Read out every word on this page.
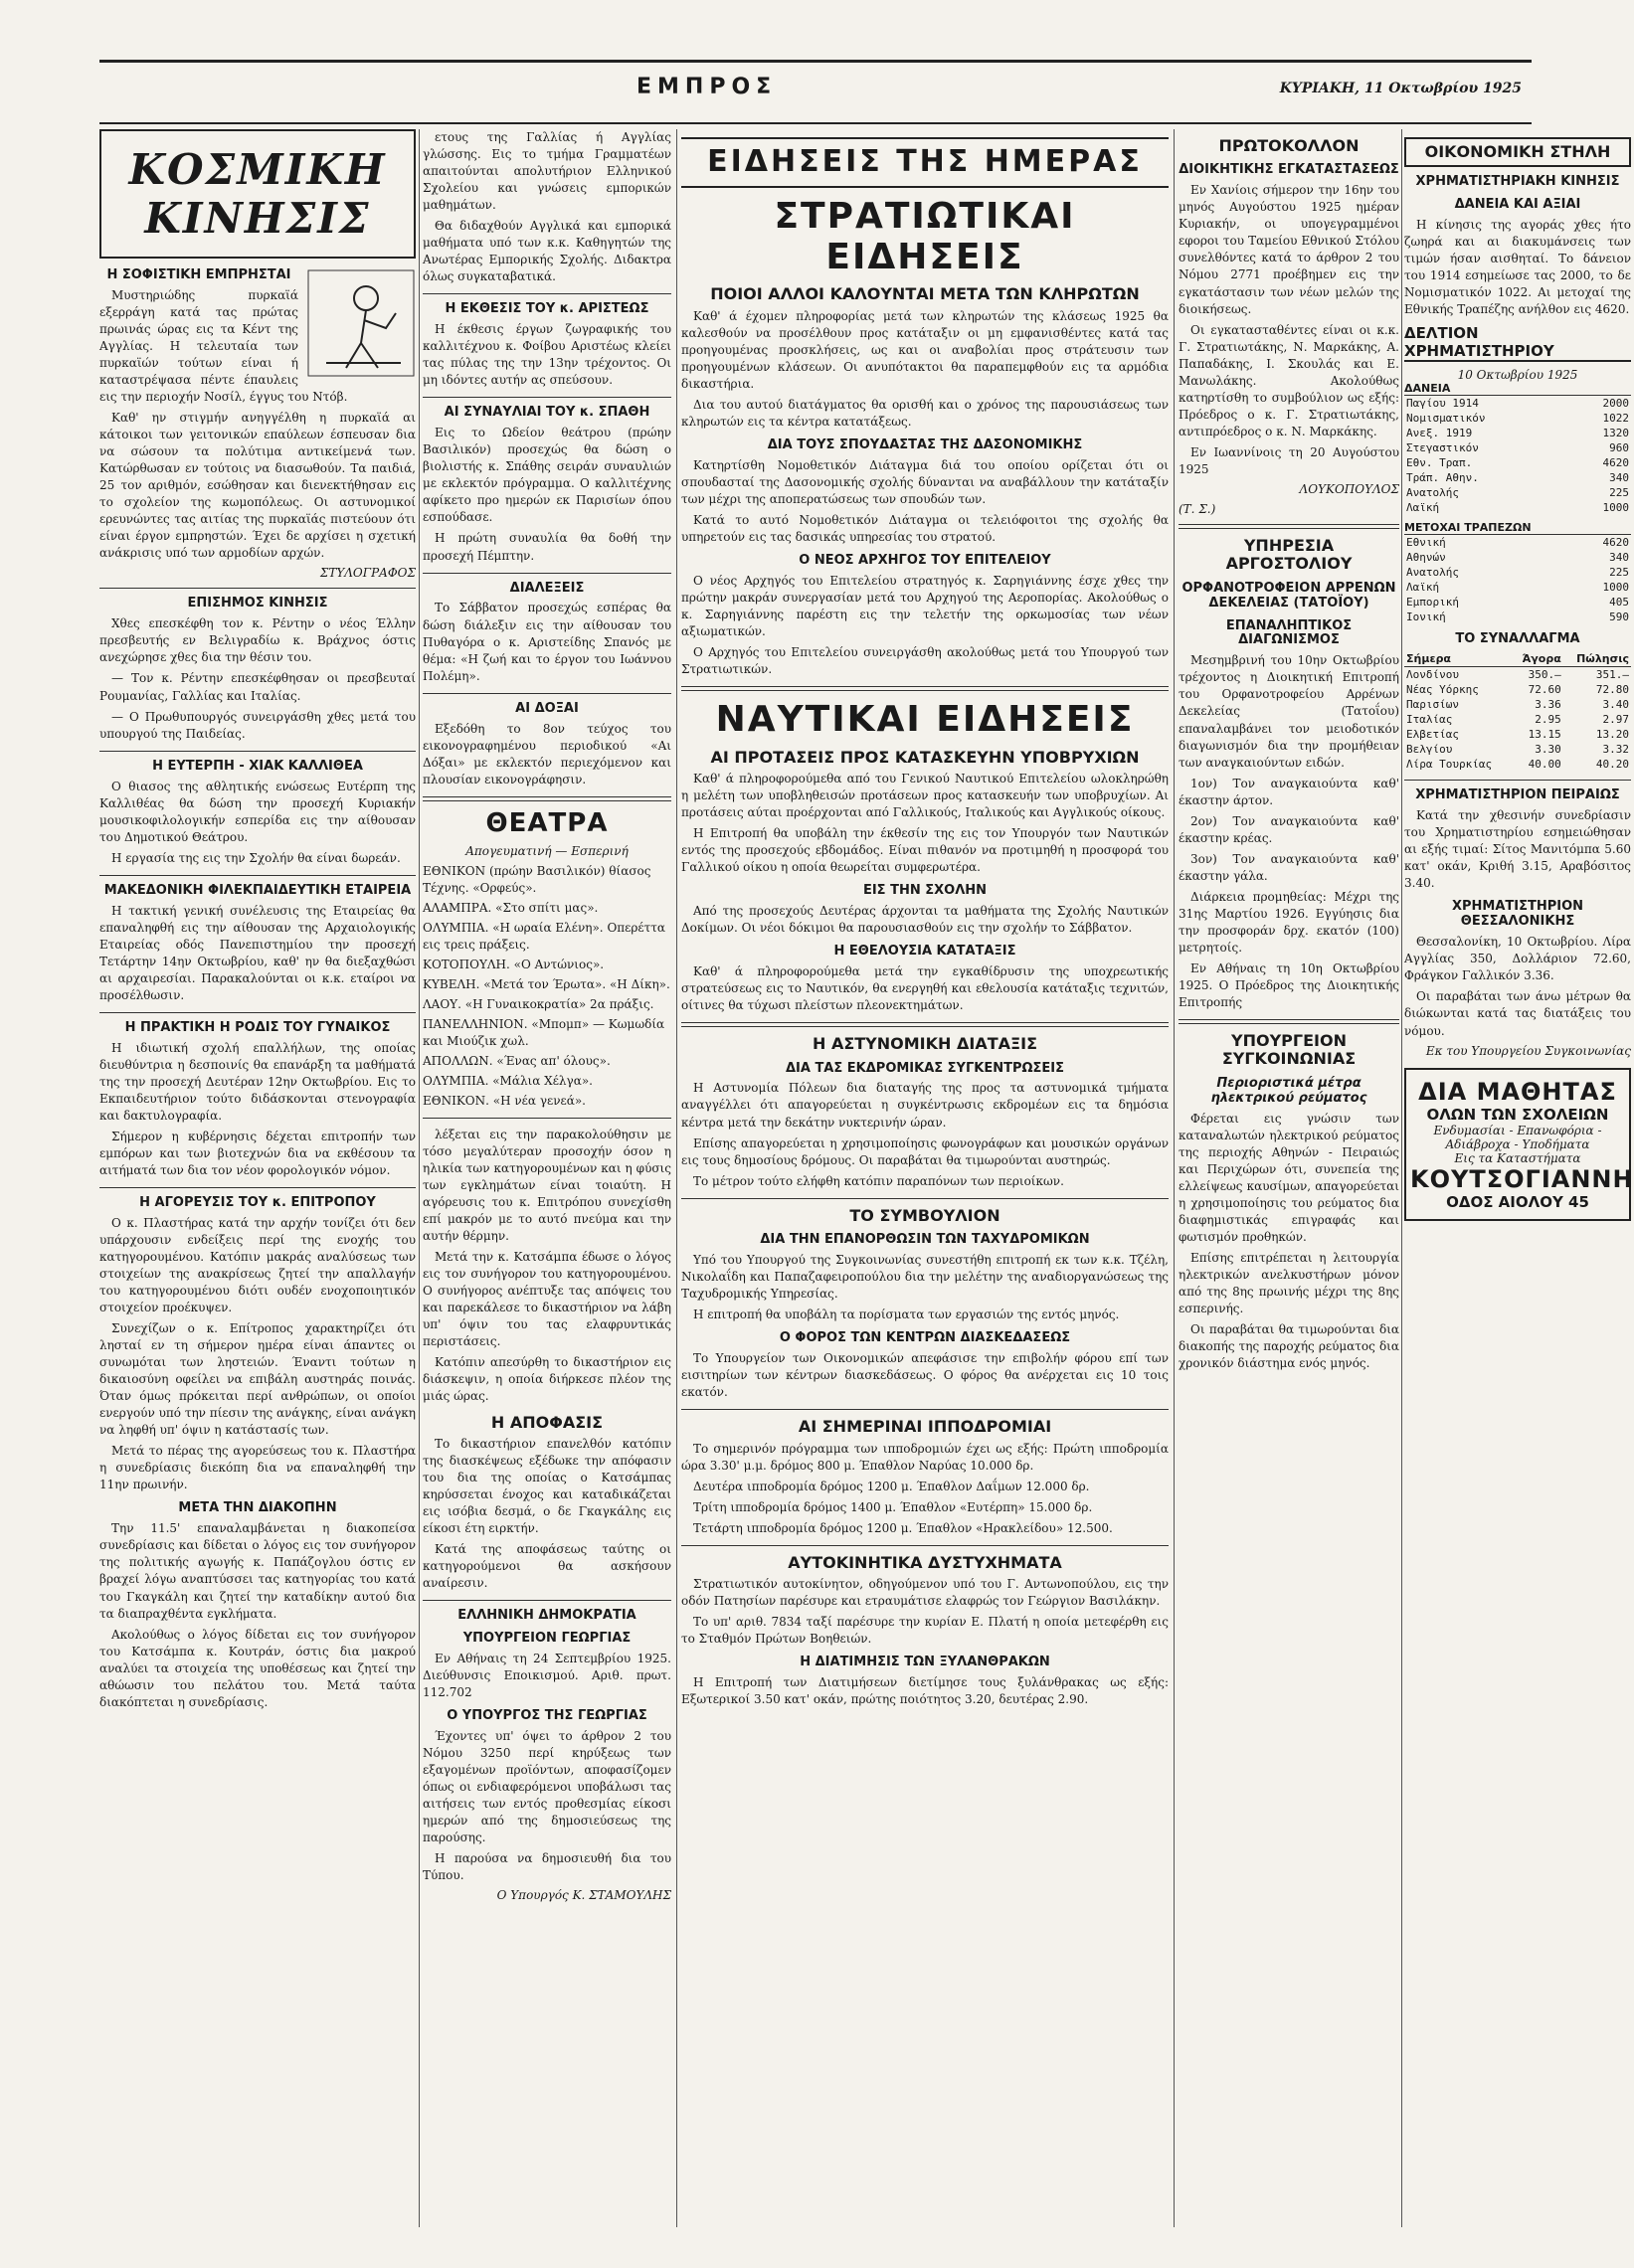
ΕΜΠΡΟΣ	ΚΥΡΙΑΚΗ, 11 Οκτωβρίου 1925
ΚΟΣΜΙΚΗ ΚΙΝΗΣΙΣ
Η ΣΟΦΙΣΤΙΚΗ ΕΜΠΡΗΣΤΑΙ

Μυστηριώδης πυρκαϊά εξερράγη κατά τας πρώτας πρωινάς ώρας εις τα Κέντ της Αγγλίας. Η τελευταία των πυρκαϊών τούτων είναι ή καταστρέψασα πέντε έπαυλεις εις την περιοχήν Νοσίλ, έγγυς του Ντόβ.

Καθ' ην στιγμήν ανηγγέλθη η πυρκαϊά αι κάτοικοι των γειτονικών επαύλεων έσπευσαν δια να σώσουν τα πολύτιμα αντικείμενά των. Κατώρθωσαν εν τούτοις να διασωθούν. Τα παιδιά, 25 τον αριθμόν, εσώθησαν και διενεκτήθησαν εις το σχολείον της κωμοπόλεως. Οι αστυνομικοί ερευνώντες τας αιτίας της πυρκαϊάς πιστεύουν ότι είναι έργον εμπρηστών. Έχει δε αρχίσει η σχετική ανάκρισις υπό των αρμοδίων αρχών.

ΣΤΥΛΟΓΡΑΦΟΣ
ΕΠΙΣΗΜΟΣ ΚΙΝΗΣΙΣ

Χθες επεσκέφθη τον κ. Ρέντην ο νέος Έλλην πρεσβευτής εν Βελιγραδίω κ. Βράχνος όστις ανεχώρησε χθες δια την θέσιν του.

— Τον κ. Ρέντην επεσκέφθησαν οι πρεσβευταί Ρουμανίας, Γαλλίας και Ιταλίας.

— Ο Πρωθυπουργός συνειργάσθη χθες μετά του υπουργού της Παιδείας.

Η ΕΥΤΕΡΠΗ - ΧΙΑΚ ΚΑΛΛΙΘΕΑ

Ο θιασος της αθλητικής ενώσεως Ευτέρπη της Καλλιθέας θα δώση την προσεχή Κυριακήν μουσικοφιλολογικήν εσπερίδα εις την αίθουσαν του Δημοτικού Θεάτρου.

Η εργασία της εις την Σχολήν θα είναι δωρεάν.

ΜΑΚΕΔΟΝΙΚΗ ΦΙΛΕΚΠΑΙΔΕΥΤΙΚΗ ΕΤΑΙΡΕΙΑ

Η τακτική γενική συνέλευσις της Εταιρείας θα επαναληφθή εις την αίθουσαν της Αρχαιολογικής Εταιρείας οδός Πανεπιστημίου την προσεχή Τετάρτην 14ην Οκτωβρίου, καθ' ην θα διεξαχθώσι αι αρχαιρεσίαι. Παρακαλούνται οι κ.κ. εταίροι να προσέλθωσιν.

Η ΠΡΑΚΤΙΚΗ Η ΡΟΔΙΣ ΤΟΥ ΓΥΝΑΙΚΟΣ

Η ιδιωτική σχολή επαλλήλων, της οποίας διευθύντρια η δεσποινίς θα επανάρξη τα μαθήματά της την προσεχή Δευτέραν 12ην Οκτωβρίου. Εις το Εκπαιδευτήριον τούτο διδάσκονται στενογραφία και δακτυλογραφία.

Σήμερον η κυβέρνησις δέχεται επιτροπήν των εμπόρων και των βιοτεχνών δια να εκθέσουν τα αιτήματά των δια τον νέον φορολογικόν νόμον.

Η ΑΓΟΡΕΥΣΙΣ ΤΟΥ κ. ΕΠΙΤΡΟΠΟΥ

Ο κ. Πλαστήρας κατά την αρχήν τονίζει ότι δεν υπάρχουσιν ενδείξεις περί της ενοχής του κατηγορουμένου. Κατόπιν μακράς αναλύσεως των στοιχείων της ανακρίσεως ζητεί την απαλλαγήν του κατηγορουμένου διότι ουδέν ενοχοποιητικόν στοιχείον προέκυψεν.

Συνεχίζων ο κ. Επίτροπος χαρακτηρίζει ότι λησταί εν τη σήμερον ημέρα είναι άπαντες οι συνωμόται των ληστειών. Έναντι τούτων η δικαιοσύνη οφείλει να επιβάλη αυστηράς ποινάς. Όταν όμως πρόκειται περί ανθρώπων, οι οποίοι ενεργούν υπό την πίεσιν της ανάγκης, είναι ανάγκη να ληφθή υπ' όψιν η κατάστασίς των.

Μετά το πέρας της αγορεύσεως του κ. Πλαστήρα η συνεδρίασις διεκόπη δια να επαναληφθή την 11ην πρωινήν.

ΜΕΤΑ ΤΗΝ ΔΙΑΚΟΠΗΝ

Την 11.5' επαναλαμβάνεται η διακοπείσα συνεδρίασις και δίδεται ο λόγος εις τον συνήγορον της πολιτικής αγωγής κ. Παπάζογλου όστις εν βραχεί λόγω αναπτύσσει τας κατηγορίας του κατά του Γκαγκάλη και ζητεί την καταδίκην αυτού δια τα διαπραχθέντα εγκλήματα.

Ακολούθως ο λόγος δίδεται εις τον συνήγορον του Κατσάμπα κ. Κουτράν, όστις δια μακρού αναλύει τα στοιχεία της υποθέσεως και ζητεί την αθώωσιν του πελάτου του. Μετά ταύτα διακόπτεται η συνεδρίασις.

ετους της Γαλλίας ή Αγγλίας γλώσσης. Εις το τμήμα Γραμματέων απαιτούνται απολυτήριον Ελληνικού Σχολείου και γνώσεις εμπορικών μαθημάτων.

Θα διδαχθούν Αγγλικά και εμπορικά μαθήματα υπό των κ.κ. Καθηγητών της Ανωτέρας Εμπορικής Σχολής. Διδακτρα όλως συγκαταβατικά.

Η ΕΚΘΕΣΙΣ ΤΟΥ κ. ΑΡΙΣΤΕΩΣ

Η έκθεσις έργων ζωγραφικής του καλλιτέχνου κ. Φοίβου Αριστέως κλείει τας πύλας της την 13ην τρέχοντος. Οι μη ιδόντες αυτήν ας σπεύσουν.

ΑΙ ΣΥΝΑΥΛΙΑΙ ΤΟΥ κ. ΣΠΑΘΗ

Εις το Ωδείον θεάτρου (πρώην Βασιλικόν) προσεχώς θα δώση ο βιολιστής κ. Σπάθης σειράν συναυλιών με εκλεκτόν πρόγραμμα. Ο καλλιτέχνης αφίκετο προ ημερών εκ Παρισίων όπου εσπούδασε.

Η πρώτη συναυλία θα δοθή την προσεχή Πέμπτην.

ΔΙΑΛΕΞΕΙΣ

Το Σάββατον προσεχώς εσπέρας θα δώση διάλεξιν εις την αίθουσαν του Πυθαγόρα ο κ. Αριστείδης Σπανός με θέμα: «Η ζωή και το έργον του Ιωάννου Πολέμη».

ΑΙ ΔΟΞΑΙ

Εξεδόθη το 8ον τεύχος του εικονογραφημένου περιοδικού «Αι Δόξαι» με εκλεκτόν περιεχόμενον και πλουσίαν εικονογράφησιν.

ΘΕΑΤΡΑ
Απογευματινή — Εσπερινή
ΕΘΝΙΚΟΝ (πρώην Βασιλικόν) θίασος Τέχνης. «Ορφεύς».
ΑΛΑΜΠΡΑ. «Στο σπίτι μας».
ΟΛΥΜΠΙΑ. «Η ωραία Ελένη». Οπερέττα εις τρεις πράξεις.
ΚΟΤΟΠΟΥΛΗ. «Ο Αντώνιος».
ΚΥΒΕΛΗ. «Μετά τον Έρωτα». «Η Δίκη».
ΛΑΟΥ. «Η Γυναικοκρατία» 2α πράξις.
ΠΑΝΕΛΛΗΝΙΟΝ. «Μπομπ» — Κωμωδία και Μιούζικ χωλ.
ΑΠΟΛΛΩΝ. «Ένας απ' όλους».
ΟΛΥΜΠΙΑ. «Μάλια Χέλγα».
ΕΘΝΙΚΟΝ. «Η νέα γενεά».

λέξεται εις την παρακολούθησιν με τόσο μεγαλύτεραν προσοχήν όσον η ηλικία των κατηγορουμένων και η φύσις των εγκλημάτων είναι τοιαύτη. Η αγόρευσις του κ. Επιτρόπου συνεχίσθη επί μακρόν με το αυτό πνεύμα και την αυτήν θέρμην.

Μετά την κ. Κατσάμπα έδωσε ο λόγος εις τον συνήγορον του κατηγορουμένου. Ο συνήγορος ανέπτυξε τας απόψεις του και παρεκάλεσε το δικαστήριον να λάβη υπ' όψιν του τας ελαφρυντικάς περιστάσεις.

Κατόπιν απεσύρθη το δικαστήριον εις διάσκεψιν, η οποία διήρκεσε πλέον της μιάς ώρας.

Η ΑΠΟΦΑΣΙΣ

Το δικαστήριον επανελθόν κατόπιν της διασκέψεως εξέδωκε την απόφασιν του δια της οποίας ο Κατσάμπας κηρύσσεται ένοχος και καταδικάζεται εις ισόβια δεσμά, ο δε Γκαγκάλης εις είκοσι έτη ειρκτήν.

Κατά της αποφάσεως ταύτης οι κατηγορούμενοι θα ασκήσουν αναίρεσιν.

ΕΛΛΗΝΙΚΗ ΔΗΜΟΚΡΑΤΙΑ
ΥΠΟΥΡΓΕΙΟΝ ΓΕΩΡΓΙΑΣ

Εν Αθήναις τη 24 Σεπτεμβρίου 1925. Διεύθυνσις Εποικισμού. Αριθ. πρωτ. 112.702

Ο ΥΠΟΥΡΓΟΣ ΤΗΣ ΓΕΩΡΓΙΑΣ

Έχοντες υπ' όψει το άρθρον 2 του Νόμου 3250 περί κηρύξεως των εξαγομένων προϊόντων, αποφασίζομεν όπως οι ενδιαφερόμενοι υποβάλωσι τας αιτήσεις των εντός προθεσμίας είκοσι ημερών από της δημοσιεύσεως της παρούσης.

Η παρούσα να δημοσιευθή δια του Τύπου.

Ο Υπουργός Κ. ΣΤΑΜΟΥΛΗΣ
ΕΙΔΗΣΕΙΣ ΤΗΣ ΗΜΕΡΑΣ
ΣΤΡΑΤΙΩΤΙΚΑΙ ΕΙΔΗΣΕΙΣ
ΠΟΙΟΙ ΑΛΛΟΙ ΚΑΛΟΥΝΤΑΙ ΜΕΤΑ ΤΩΝ ΚΛΗΡΩΤΩΝ

Καθ' ά έχομεν πληροφορίας μετά των κληρωτών της κλάσεως 1925 θα καλεσθούν να προσέλθουν προς κατάταξιν οι μη εμφανισθέντες κατά τας προηγουμένας προσκλήσεις, ως και οι αναβολίαι προς στράτευσιν των προηγουμένων κλάσεων. Οι ανυπότακτοι θα παραπεμφθούν εις τα αρμόδια δικαστήρια.

Δια του αυτού διατάγματος θα ορισθή και ο χρόνος της παρουσιάσεως των κληρωτών εις τα κέντρα κατατάξεως.

ΔΙΑ ΤΟΥΣ ΣΠΟΥΔΑΣΤΑΣ ΤΗΣ ΔΑΣΟΝΟΜΙΚΗΣ

Κατηρτίσθη Νομοθετικόν Διάταγμα διά του οποίου ορίζεται ότι οι σπουδασταί της Δασονομικής σχολής δύνανται να αναβάλλουν την κατάταξίν των μέχρι της αποπερατώσεως των σπουδών των.

Κατά το αυτό Νομοθετικόν Διάταγμα οι τελειόφοιτοι της σχολής θα υπηρετούν εις τας δασικάς υπηρεσίας του στρατού.

Ο ΝΕΟΣ ΑΡΧΗΓΟΣ ΤΟΥ ΕΠΙΤΕΛΕΙΟΥ

Ο νέος Αρχηγός του Επιτελείου στρατηγός κ. Σαρηγιάννης έσχε χθες την πρώτην μακράν συνεργασίαν μετά του Αρχηγού της Αεροπορίας. Ακολούθως ο κ. Σαρηγιάννης παρέστη εις την τελετήν της ορκωμοσίας των νέων αξιωματικών.

Ο Αρχηγός του Επιτελείου συνειργάσθη ακολούθως μετά του Υπουργού των Στρατιωτικών.

ΝΑΥΤΙΚΑΙ ΕΙΔΗΣΕΙΣ
ΑΙ ΠΡΟΤΑΣΕΙΣ ΠΡΟΣ ΚΑΤΑΣΚΕΥΗΝ ΥΠΟΒΡΥΧΙΩΝ

Καθ' ά πληροφορούμεθα από του Γενικού Ναυτικού Επιτελείου ωλοκληρώθη η μελέτη των υποβληθεισών προτάσεων προς κατασκευήν των υποβρυχίων. Αι προτάσεις αύται προέρχονται από Γαλλικούς, Ιταλικούς και Αγγλικούς οίκους.

Η Επιτροπή θα υποβάλη την έκθεσίν της εις τον Υπουργόν των Ναυτικών εντός της προσεχούς εβδομάδος. Είναι πιθανόν να προτιμηθή η προσφορά του Γαλλικού οίκου η οποία θεωρείται συμφερωτέρα.

ΕΙΣ ΤΗΝ ΣΧΟΛΗΝ

Από της προσεχούς Δευτέρας άρχονται τα μαθήματα της Σχολής Ναυτικών Δοκίμων. Οι νέοι δόκιμοι θα παρουσιασθούν εις την σχολήν το Σάββατον.

Η ΕΘΕΛΟΥΣΙΑ ΚΑΤΑΤΑΞΙΣ

Καθ' ά πληροφορούμεθα μετά την εγκαθίδρυσιν της υποχρεωτικής στρατεύσεως εις το Ναυτικόν, θα ενεργηθή και εθελουσία κατάταξις τεχνιτών, οίτινες θα τύχωσι πλείστων πλεονεκτημάτων.

Η ΑΣΤΥΝΟΜΙΚΗ ΔΙΑΤΑΞΙΣ
ΔΙΑ ΤΑΣ ΕΚΔΡΟΜΙΚΑΣ ΣΥΓΚΕΝΤΡΩΣΕΙΣ

Η Αστυνομία Πόλεων δια διαταγής της προς τα αστυνομικά τμήματα αναγγέλλει ότι απαγορεύεται η συγκέντρωσις εκδρομέων εις τα δημόσια κέντρα μετά την δεκάτην νυκτερινήν ώραν.

Επίσης απαγορεύεται η χρησιμοποίησις φωνογράφων και μουσικών οργάνων εις τους δημοσίους δρόμους. Οι παραβάται θα τιμωρούνται αυστηρώς.

Το μέτρον τούτο ελήφθη κατόπιν παραπόνων των περιοίκων.

ΤΟ ΣΥΜΒΟΥΛΙΟΝ
ΔΙΑ ΤΗΝ ΕΠΑΝΟΡΘΩΣΙΝ ΤΩΝ ΤΑΧΥΔΡΟΜΙΚΩΝ

Υπό του Υπουργού της Συγκοινωνίας συνεστήθη επιτροπή εκ των κ.κ. Τζέλη, Νικολαΐδη και Παπαζαφειροπούλου δια την μελέτην της αναδιοργανώσεως της Ταχυδρομικής Υπηρεσίας.

Η επιτροπή θα υποβάλη τα πορίσματα των εργασιών της εντός μηνός.

Ο ΦΟΡΟΣ ΤΩΝ ΚΕΝΤΡΩΝ ΔΙΑΣΚΕΔΑΣΕΩΣ

Το Υπουργείον των Οικονομικών απεφάσισε την επιβολήν φόρου επί των εισιτηρίων των κέντρων διασκεδάσεως. Ο φόρος θα ανέρχεται εις 10 τοις εκατόν.

ΑΙ ΣΗΜΕΡΙΝΑΙ ΙΠΠΟΔΡΟΜΙΑΙ

Το σημερινόν πρόγραμμα των ιπποδρομιών έχει ως εξής: Πρώτη ιπποδρομία ώρα 3.30' μ.μ. δρόμος 800 μ. Έπαθλον Ναρύας 10.000 δρ.

Δευτέρα ιπποδρομία δρόμος 1200 μ. Έπαθλον Δαΐμων 12.000 δρ.

Τρίτη ιπποδρομία δρόμος 1400 μ. Έπαθλον «Ευτέρπη» 15.000 δρ.

Τετάρτη ιπποδρομία δρόμος 1200 μ. Έπαθλον «Ηρακλείδου» 12.500.

ΑΥΤΟΚΙΝΗΤΙΚΑ ΔΥΣΤΥΧΗΜΑΤΑ

Στρατιωτικόν αυτοκίνητον, οδηγούμενον υπό του Γ. Αντωνοπούλου, εις την οδόν Πατησίων παρέσυρε και ετραυμάτισε ελαφρώς τον Γεώργιον Βασιλάκην.

Το υπ' αριθ. 7834 ταξί παρέσυρε την κυρίαν Ε. Πλατή η οποία μετεφέρθη εις το Σταθμόν Πρώτων Βοηθειών.

Η ΔΙΑΤΙΜΗΣΙΣ ΤΩΝ ΞΥΛΑΝΘΡΑΚΩΝ

Η Επιτροπή των Διατιμήσεων διετίμησε τους ξυλάνθρακας ως εξής: Εξωτερικοί 3.50 κατ' οκάν, πρώτης ποιότητος 3.20, δευτέρας 2.90.

ΠΡΩΤΟΚΟΛΛΟΝ
ΔΙΟΙΚΗΤΙΚΗΣ ΕΓΚΑΤΑΣΤΑΣΕΩΣ

Εν Χανίοις σήμερον την 16ην του μηνός Αυγούστου 1925 ημέραν Κυριακήν, οι υπογεγραμμένοι εφοροι του Ταμείου Εθνικού Στόλου συνελθόντες κατά το άρθρον 2 του Νόμου 2771 προέβημεν εις την εγκατάστασιν των νέων μελών της διοικήσεως.

Οι εγκατασταθέντες είναι οι κ.κ. Γ. Στρατιωτάκης, Ν. Μαρκάκης, Α. Παπαδάκης, Ι. Σκουλάς και Ε. Μανωλάκης. Ακολούθως κατηρτίσθη το συμβούλιον ως εξής: Πρόεδρος ο κ. Γ. Στρατιωτάκης, αντιπρόεδρος ο κ. Ν. Μαρκάκης.

Εν Ιωαννίνοις τη 20 Αυγούστου 1925

ΛΟΥΚΟΠΟΥΛΟΣ
(Τ. Σ.)
ΥΠΗΡΕΣΙΑ ΑΡΓΟΣΤΟΛΙΟΥ
ΟΡΦΑΝΟΤΡΟΦΕΙΟΝ ΑΡΡΕΝΩΝ ΔΕΚΕΛΕΙΑΣ (ΤΑΤΟΪΟΥ)
ΕΠΑΝΑΛΗΠΤΙΚΟΣ ΔΙΑΓΩΝΙΣΜΟΣ

Μεσημβρινή του 10ην Οκτωβρίου τρέχοντος η Διοικητική Επιτροπή του Ορφανοτροφείου Αρρένων Δεκελείας (Τατοΐου) επαναλαμβάνει τον μειοδοτικόν διαγωνισμόν δια την προμήθειαν των αναγκαιούντων ειδών.

1ον) Τον αναγκαιούντα καθ' έκαστην άρτον.

2ον) Τον αναγκαιούντα καθ' έκαστην κρέας.

3ον) Τον αναγκαιούντα καθ' έκαστην γάλα.

Διάρκεια προμηθείας: Μέχρι της 31ης Μαρτίου 1926. Εγγύησις δια την προσφοράν δρχ. εκατόν (100) μετρητοίς.

Εν Αθήναις τη 10η Οκτωβρίου 1925. Ο Πρόεδρος της Διοικητικής Επιτροπής

ΥΠΟΥΡΓΕΙΟΝ ΣΥΓΚΟΙΝΩΝΙΑΣ
Περιοριστικά μέτρα ηλεκτρικού ρεύματος

Φέρεται εις γνώσιν των καταναλωτών ηλεκτρικού ρεύματος της περιοχής Αθηνών - Πειραιώς και Περιχώρων ότι, συνεπεία της ελλείψεως καυσίμων, απαγορεύεται η χρησιμοποίησις του ρεύματος δια διαφημιστικάς επιγραφάς και φωτισμόν προθηκών.

Επίσης επιτρέπεται η λειτουργία ηλεκτρικών ανελκυστήρων μόνον από της 8ης πρωινής μέχρι της 8ης εσπερινής.

Οι παραβάται θα τιμωρούνται δια διακοπής της παροχής ρεύματος δια χρονικόν διάστημα ενός μηνός.

ΟΙΚΟΝΟΜΙΚΗ ΣΤΗΛΗ
ΧΡΗΜΑΤΙΣΤΗΡΙΑΚΗ ΚΙΝΗΣΙΣ
ΔΑΝΕΙΑ ΚΑΙ ΑΞΙΑΙ

Η κίνησις της αγοράς χθες ήτο ζωηρά και αι διακυμάνσεις των τιμών ήσαν αισθηταί. Το δάνειον του 1914 εσημείωσε τας 2000, το δε Νομισματικόν 1022. Αι μετοχαί της Εθνικής Τραπέζης ανήλθον εις 4620.

ΔΕΛΤΙΟΝ ΧΡΗΜΑΤΙΣΤΗΡΙΟΥ
10 Οκτωβρίου 1925
ΔΑΝΕΙΑ
Παγίου 1914	2000
Νομισματικόν	1022
Ανεξ. 1919	1320
Στεγαστικόν	960
Εθν. Τραπ.	4620
Τράπ. Αθην.	340
Ανατολής	225
Λαϊκή	1000
ΜΕΤΟΧΑΙ ΤΡΑΠΕΖΩΝ
Εθνική	4620
Αθηνών	340
Ανατολής	225
Λαϊκή	1000
Εμπορική	405
Ιονική	590
ΤΟ ΣΥΝΑΛΛΑΓΜΑ
Σήμερα	Άγορα	Πώλησις
Λονδίνου	350.—	351.—
Νέας Υόρκης	72.60	72.80
Παρισίων	3.36	3.40
Ιταλίας	2.95	2.97
Ελβετίας	13.15	13.20
Βελγίου	3.30	3.32
Λίρα Τουρκίας	40.00	40.20
ΧΡΗΜΑΤΙΣΤΗΡΙΟΝ ΠΕΙΡΑΙΩΣ

Κατά την χθεσινήν συνεδρίασιν του Χρηματιστηρίου εσημειώθησαν αι εξής τιμαί: Σίτος Μανιτόμπα 5.60 κατ' οκάν, Κριθή 3.15, Αραβόσιτος 3.40.

ΧΡΗΜΑΤΙΣΤΗΡΙΟΝ ΘΕΣΣΑΛΟΝΙΚΗΣ

Θεσσαλονίκη, 10 Οκτωβρίου. Λίρα Αγγλίας 350, Δολλάριον 72.60, Φράγκον Γαλλικόν 3.36.

Οι παραβάται των άνω μέτρων θα διώκωνται κατά τας διατάξεις του νόμου.

Εκ του Υπουργείου Συγκοινωνίας
ΔΙΑ ΜΑΘΗΤΑΣ
ΟΛΩΝ ΤΩΝ ΣΧΟΛΕΙΩΝ
Ενδυμασίαι - Επανωφόρια - Αδιάβροχα - Υποδήματα
Εις τα Καταστήματα
ΚΟΥΤΣΟΓΙΑΝΝΗ
ΟΔΟΣ ΑΙΟΛΟΥ 45
